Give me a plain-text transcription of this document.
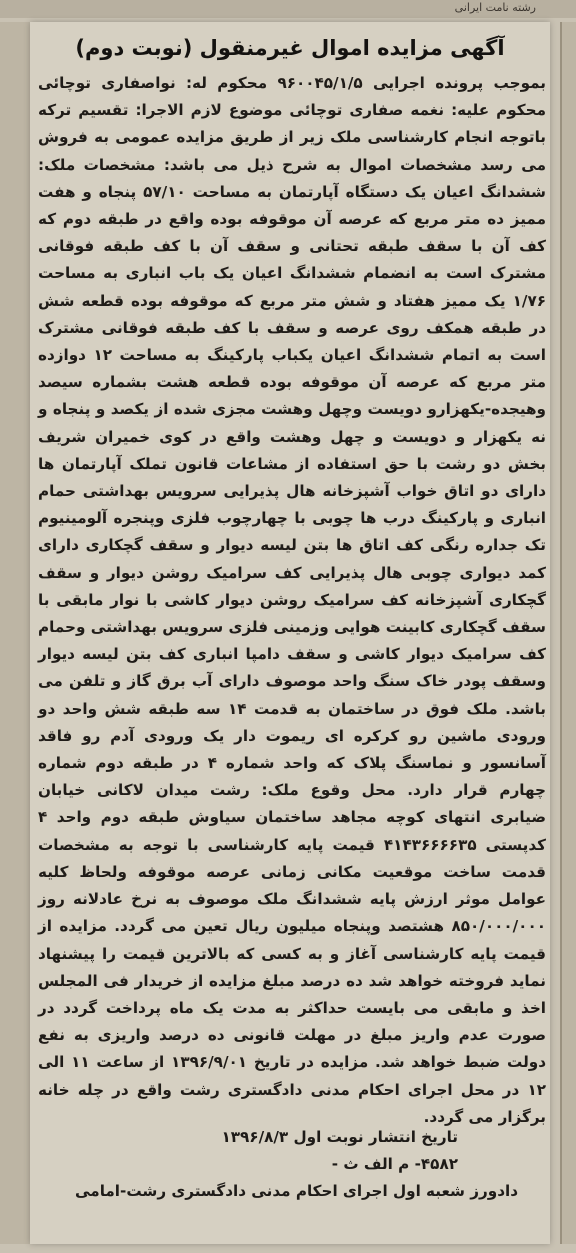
رشته نامت ایرانی
آگهی مزایده اموال غیرمنقول (نوبت دوم)

بموجب پرونده اجرایی ۹۶۰۰۴۵/۱/۵ محکوم له: نواصفاری توچائی محکوم علیه: نغمه صفاری توچائی موضوع لازم الاجرا: تقسیم ترکه باتوجه انجام کارشناسی ملک زیر از طریق مزایده عمومی به فروش می رسد مشخصات اموال به شرح ذیل می باشد: مشخصات ملک: ششدانگ اعیان یک دستگاه آپارتمان به مساحت ۵۷/۱۰ پنجاه و هفت ممیز ده متر مربع که عرصه آن موقوفه بوده واقع در طبقه دوم که کف آن با سقف طبقه تحتانی و سقف آن با کف طبقه فوقانی مشترک است به انضمام ششدانگ اعیان یک باب انباری به مساحت ۱/۷۶ یک ممیز هفتاد و شش متر مربع که موقوفه بوده قطعه شش در طبقه همکف روی عرصه و سقف با کف طبقه فوقانی مشترک است به اتمام ششدانگ اعیان یکباب پارکینگ به مساحت ۱۲ دوازده متر مربع که عرصه آن موقوفه بوده قطعه هشت بشماره سیصد وهیجده-یکهزارو دویست وچهل وهشت مجزی شده از یکصد و پنجاه و نه یکهزار و دویست و چهل وهشت واقع در کوی خمیران شریف بخش دو رشت با حق استفاده از مشاعات قانون تملک آپارتمان ها دارای دو اتاق خواب آشپزخانه هال پذیرایی سرویس بهداشتی حمام انباری و پارکینگ درب ها چوبی با چهارچوب فلزی وپنجره آلومینیوم تک جداره رنگی کف اتاق ها بتن لیسه دیوار و سقف گچکاری دارای کمد دیواری چوبی هال پذیرایی کف سرامیک روشن دیوار و سقف گچکاری آشپزخانه کف سرامیک روشن دیوار کاشی با نوار مابقی با سقف گچکاری کابینت هوایی وزمینی فلزی سرویس بهداشتی وحمام کف سرامیک دیوار کاشی و سقف دامپا انباری کف بتن لیسه دیوار وسقف پودر خاک سنگ واحد موصوف دارای آب برق گاز و تلفن می باشد. ملک فوق در ساختمان به قدمت ۱۴ سه طبقه شش واحد دو ورودی ماشین رو کرکره ای ریموت دار یک ورودی آدم رو فاقد آسانسور و نماسنگ پلاک که واحد شماره ۴ در طبقه دوم شماره چهارم قرار دارد. محل وقوع ملک: رشت میدان لاکانی خیابان ضیابری انتهای کوچه مجاهد ساختمان سیاوش طبقه دوم واحد ۴ کدپستی ۴۱۴۳۶۶۶۶۳۵ قیمت پایه کارشناسی با توجه به مشخصات قدمت ساخت موقعیت مکانی زمانی عرصه موقوفه ولحاظ کلیه عوامل موثر ارزش پایه ششدانگ ملک موصوف به نرخ عادلانه روز ۸۵۰/۰۰۰/۰۰۰ هشتصد وپنجاه میلیون ریال تعین می گردد. مزایده از قیمت پایه کارشناسی آغاز و به کسی که بالاترین قیمت را پیشنهاد نماید فروخته خواهد شد ده درصد مبلغ مزایده از خریدار فی المجلس اخذ و مابقی می بایست حداکثر به مدت یک ماه پرداخت گردد در صورت عدم واریز مبلغ در مهلت قانونی ده درصد واریزی به نفع دولت ضبط خواهد شد. مزایده در تاریخ ۱۳۹۶/۹/۰۱ از ساعت ۱۱ الی ۱۲ در محل اجرای احکام مدنی دادگستری رشت واقع در چله خانه برگزار می گردد.

تاریخ انتشار نوبت اول ۱۳۹۶/۸/۳
۴۵۸۲- م الف ث -
دادورز شعبه اول اجرای احکام مدنی دادگستری رشت-امامی
